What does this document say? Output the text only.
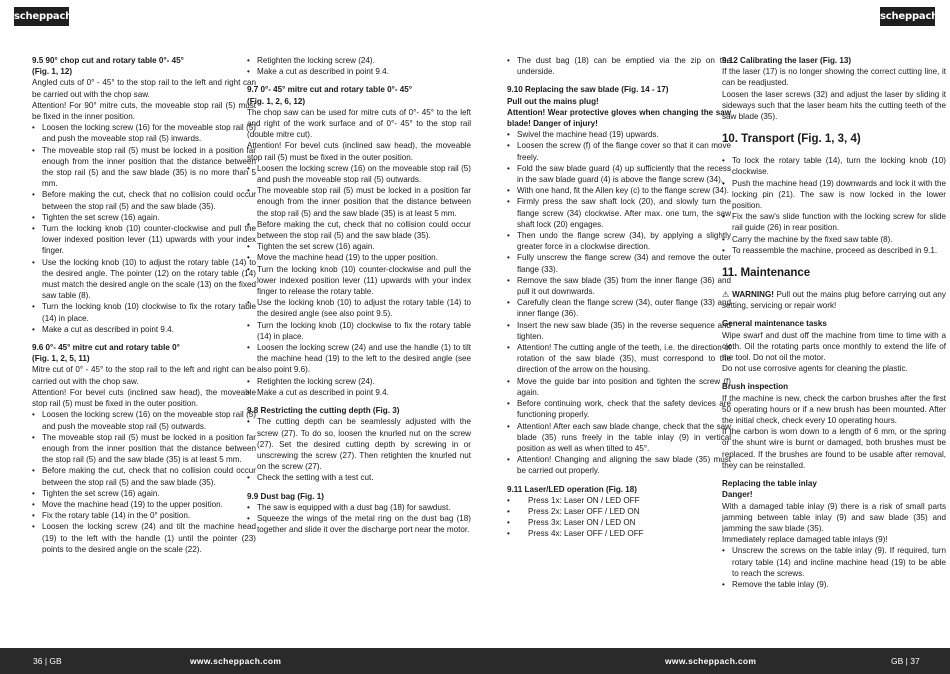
scheppach	scheppach
9.5 90° chop cut and rotary table 0°- 45°
(Fig. 1, 12)

Angled cuts of 0° - 45° to the stop rail to the left and right can be carried out with the chop saw.

Attention! For 90° mitre cuts, the moveable stop rail (5) must be fixed in the inner position.

• Loosen the locking screw (16) for the moveable stop rail (5) and push the moveable stop rail (5) inwards.
• The moveable stop rail (5) must be locked in a position far enough from the inner position that the distance between the stop rail (5) and the saw blade (35) is no more than 5 mm.
• Before making the cut, check that no collision could occur between the stop rail (5) and the saw blade (35).
• Tighten the set screw (16) again.
• Turn the locking knob (10) counter-clockwise and pull the lower indexed position lever (11) upwards with your index finger.
• Use the locking knob (10) to adjust the rotary table (14) to the desired angle. The pointer (12) on the rotary table (14) must match the desired angle on the scale (13) on the fixed saw table (8).
• Turn the locking knob (10) clockwise to fix the rotary table (14) in place.
• Make a cut as described in point 9.4.
9.6 0°- 45° mitre cut and rotary table 0°
(Fig. 1, 2, 5, 11)

Mitre cut of 0° - 45° to the stop rail to the left and right can be carried out with the chop saw.

Attention! For bevel cuts (inclined saw head), the moveable stop rail (5) must be fixed in the outer position.

• Loosen the locking screw (16) on the moveable stop rail (5) and push the moveable stop rail (5) outwards.
• The moveable stop rail (5) must be locked in a position far enough from the inner position that the distance between the stop rail (5) and the saw blade (35) is at least 5 mm.
• Before making the cut, check that no collision could occur between the stop rail (5) and the saw blade (35).
• Tighten the set screw (16) again.
• Move the machine head (19) to the upper position.
• Fix the rotary table (14) in the 0° position.
• Loosen the locking screw (24) and tilt the machine head (19) to the left with the handle (1) until the pointer (23) points to the desired angle on the scale (22).
• Retighten the locking screw (24).
• Make a cut as described in point 9.4.
9.7 0°- 45° mitre cut and rotary table 0°- 45°
(Fig. 1, 2, 6, 12)

The chop saw can be used for mitre cuts of 0°- 45° to the left and right of the work surface and of 0°- 45° to the stop rail (double mitre cut).

Attention! For bevel cuts (inclined saw head), the moveable stop rail (5) must be fixed in the outer position.

• Loosen the locking screw (16) on the moveable stop rail (5) and push the moveable stop rail (5) outwards.
• The moveable stop rail (5) must be locked in a position far enough from the inner position that the distance between the stop rail (5) and the saw blade (35) is at least 5 mm.
• Before making the cut, check that no collision could occur between the stop rail (5) and the saw blade (35).
• Tighten the set screw (16) again.
• Move the machine head (19) to the upper position.
• Turn the locking knob (10) counter-clockwise and pull the lower indexed position lever (11) upwards with your index finger to release the rotary table.
• Use the locking knob (10) to adjust the rotary table (14) to the desired angle (see also point 9.5).
• Turn the locking knob (10) clockwise to fix the rotary table (14) in place.
• Loosen the locking screw (24) and use the handle (1) to tilt the machine head (19) to the left to the desired angle (see also point 9.6).
• Retighten the locking screw (24).
• Make a cut as described in point 9.4.
9.8 Restricting the cutting depth (Fig. 3)
• The cutting depth can be seamlessly adjusted with the screw (27). To do so, loosen the knurled nut on the screw (27). Set the desired cutting depth by screwing in or unscrewing the screw (27). Then retighten the knurled nut on the screw (27).
• Check the setting with a test cut.
9.9 Dust bag (Fig. 1)
• The saw is equipped with a dust bag (18) for sawdust.
• Squeeze the wings of the metal ring on the dust bag (18) together and slide it over the discharge port near the motor.
• The dust bag (18) can be emptied via the zip on the underside.
9.10 Replacing the saw blade (Fig. 14 - 17)

Pull out the mains plug!

Attention! Wear protective gloves when changing the saw blade! Danger of injury!

• Swivel the machine head (19) upwards.
• Loosen the screw (f) of the flange cover so that it can move freely.
• Fold the saw blade guard (4) up sufficiently that the recess in the saw blade guard (4) is above the flange screw (34).
• With one hand, fit the Allen key (c) to the flange screw (34).
• Firmly press the saw shaft lock (20), and slowly turn the flange screw (34) clockwise. After max. one turn, the saw shaft lock (20) engages.
• Then undo the flange screw (34), by applying a slightly greater force in a clockwise direction.
• Fully unscrew the flange screw (34) and remove the outer flange (33).
• Remove the saw blade (35) from the inner flange (36) and pull it out downwards.
• Carefully clean the flange screw (34), outer flange (33) and inner flange (36).
• Insert the new saw blade (35) in the reverse sequence and tighten.
• Attention! The cutting angle of the teeth, i.e. the direction of rotation of the saw blade (35), must correspond to the direction of the arrow on the housing.
• Move the guide bar into position and tighten the screw (f) again.
• Before continuing work, check that the safety devices are functioning properly.
• Attention! After each saw blade change, check that the saw blade (35) runs freely in the table inlay (9) in vertical position as well as when tilted to 45°.
• Attention! Changing and aligning the saw blade (35) must be carried out properly.
9.11 Laser/LED operation (Fig. 18)
• Press 1x: Laser ON / LED OFF
• Press 2x: Laser OFF / LED ON
• Press 3x: Laser ON / LED ON
• Press 4x: Laser OFF / LED OFF
9.12 Calibrating the laser (Fig. 13)

If the laser (17) is no longer showing the correct cutting line, it can be readjusted.

Loosen the laser screws (32) and adjust the laser by sliding it sideways such that the laser beam hits the cutting teeth of the saw blade (35).

10. Transport (Fig. 1, 3, 4)
• To lock the rotary table (14), turn the locking knob (10) clockwise.
• Push the machine head (19) downwards and lock it with the locking pin (21). The saw is now locked in the lower position.
• Fix the saw's slide function with the locking screw for slide rail guide (26) in rear position.
• Carry the machine by the fixed saw table (8).
• To reassemble the machine, proceed as described in 9.1.
11. Maintenance

⚠ WARNING! Pull out the mains plug before carrying out any setting, servicing or repair work!

General maintenance tasks

Wipe swarf and dust off the machine from time to time with a cloth. Oil the rotating parts once monthly to extend the life of the tool. Do not oil the motor.

Do not use corrosive agents for cleaning the plastic.

Brush inspection

If the machine is new, check the carbon brushes after the first 50 operating hours or if a new brush has been mounted. After the initial check, check every 10 operating hours.

If the carbon is worn down to a length of 6 mm, or the spring or the shunt wire is burnt or damaged, both brushes must be replaced. If the brushes are found to be usable after removal, they can be reinstalled.

Replacing the table inlay
Danger!

With a damaged table inlay (9) there is a risk of small parts jamming between table inlay (9) and saw blade (35) and jamming the saw blade (35).

Immediately replace damaged table inlays (9)!

• Unscrew the screws on the table inlay (9). If required, turn rotary table (14) and incline machine head (19) to be able to reach the screws.
• Remove the table inlay (9).
36 | GB	www.scheppach.com	www.scheppach.com	GB | 37
